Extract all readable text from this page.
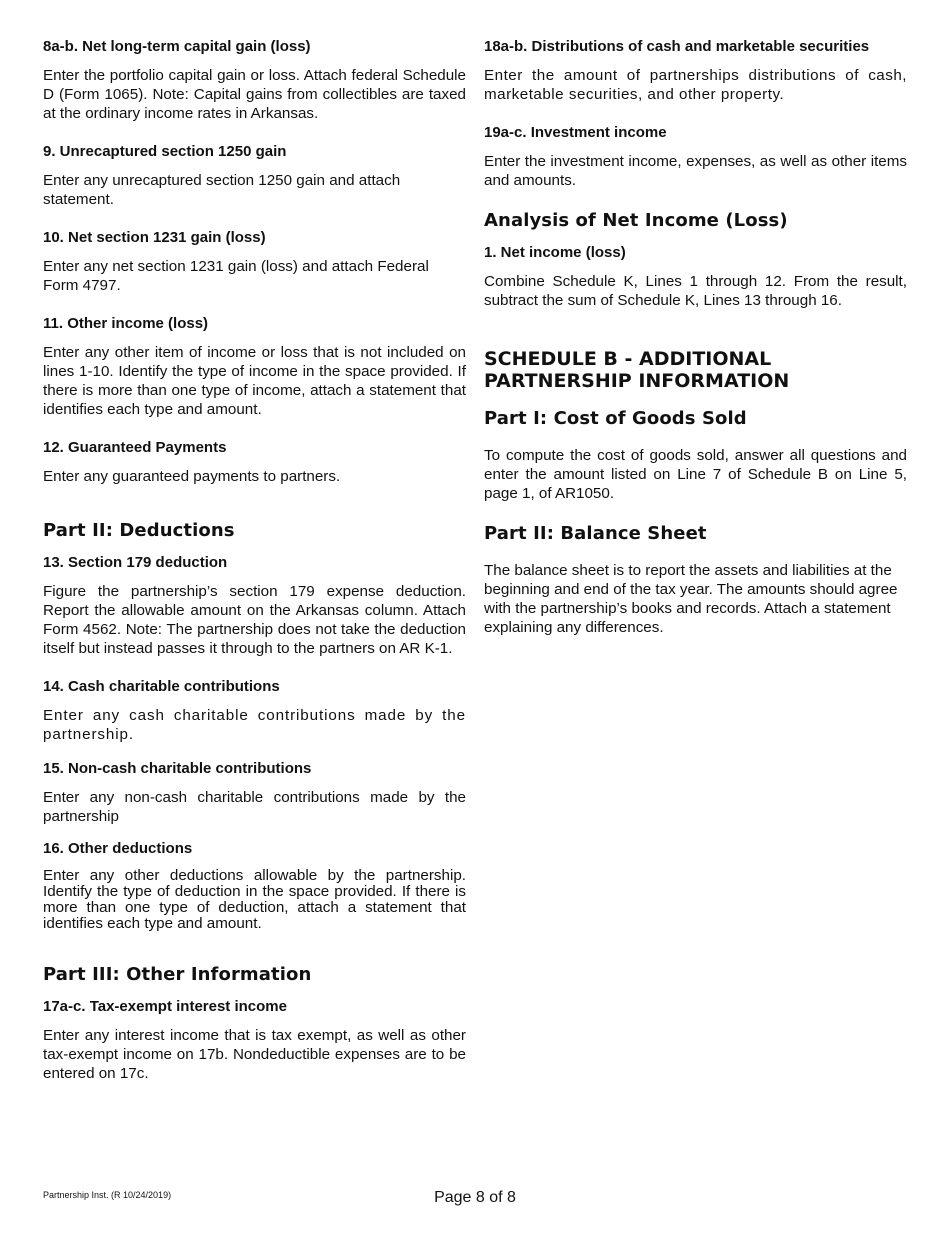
8a-b. Net long-term capital gain (loss)
Enter the portfolio capital gain or loss. Attach federal Schedule D (Form 1065). Note: Capital gains from collectibles are taxed at the ordinary income rates in Arkansas.
9. Unrecaptured section 1250 gain
Enter any unrecaptured section 1250 gain and attach statement.
10. Net section 1231 gain (loss)
Enter any net section 1231 gain (loss) and attach Federal Form 4797.
11. Other income (loss)
Enter any other item of income or loss that is not included on lines 1-10. Identify the type of income in the space provided. If there is more than one type of income, attach a statement that identifies each type and amount.
12. Guaranteed Payments
Enter any guaranteed payments to partners.
Part II: Deductions
13. Section 179 deduction
Figure the partnership’s section 179 expense deduction. Report the allowable amount on the Arkansas column. Attach Form 4562. Note: The partnership does not take the deduction itself but instead passes it through to the partners on AR K-1.
14. Cash charitable contributions
Enter any cash charitable contributions made by the partnership.
15. Non-cash charitable contributions
Enter any non-cash charitable contributions made by the partnership
16. Other deductions
Enter any other deductions allowable by the partnership. Identify the type of deduction in the space provided. If there is more than one type of deduction, attach a statement that identifies each type and amount.
Part III: Other Information
17a-c. Tax-exempt interest income
Enter any interest income that is tax exempt, as well as other tax-exempt income on 17b. Nondeductible expenses are to be entered on 17c.
18a-b. Distributions of cash and marketable securities
Enter the amount of partnerships distributions of cash, marketable securities, and other property.
19a-c. Investment income
Enter the investment income, expenses, as well as other items and amounts.
Analysis of Net Income (Loss)
1. Net income (loss)
Combine Schedule K, Lines 1 through 12. From the result, subtract the sum of Schedule K, Lines 13 through 16.
SCHEDULE B - ADDITIONAL PARTNERSHIP INFORMATION
Part I: Cost of Goods Sold
To compute the cost of goods sold, answer all questions and enter the amount listed on Line 7 of Schedule B on Line 5, page 1, of AR1050.
Part II: Balance Sheet
The balance sheet is to report the assets and liabilities at the beginning and end of the tax year. The amounts should agree with the partnership’s books and records. Attach a statement explaining any differences.
Partnership Inst. (R 10/24/2019)	Page 8 of 8
